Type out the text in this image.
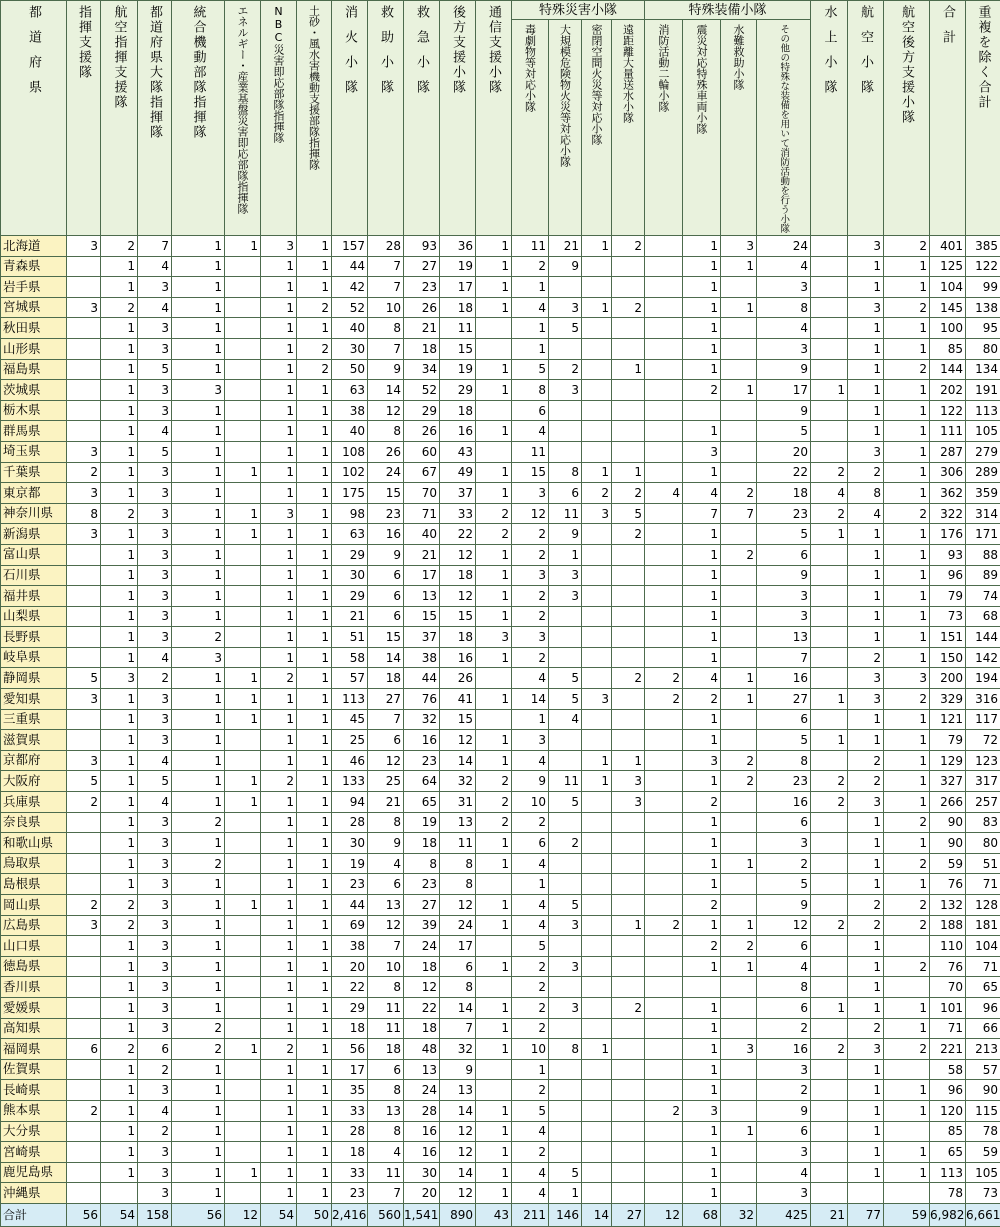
都道府県	指揮支援隊	航空指揮支援隊	都道府県大隊指揮隊	統合機動部隊指揮隊	エネルギー・産業基盤災害即応部隊指揮隊	NBC災害即応部隊指揮隊	土砂・風水害機動支援部隊指揮隊	消火小隊	救助小隊	救急小隊	後方支援小隊	通信支援小隊	特殊災害小隊				特殊装備小隊				水上小隊	航空小隊	航空後方支援小隊	合計	重複を除く合計
													毒劇物等対応小隊	大規模危険物火災等対応小隊	密閉空間火災等対応小隊	遠距離大量送水小隊	消防活動二輪小隊	震災対応特殊車両小隊	水難救助小隊	その他の特殊な装備を用いて消防活動を行う小隊					
北海道	3	2	7	1	1	3	1	157	28	93	36	1	11	21	1	2		1	3	24		3	2	401	385
青森県		1	4	1		1	1	44	7	27	19	1	2	9				1	1	4		1	1	125	122
岩手県		1	3	1		1	1	42	7	23	17	1	1					1		3		1	1	104	99
宮城県	3	2	4	1		1	2	52	10	26	18	1	4	3	1	2		1	1	8		3	2	145	138
秋田県		1	3	1		1	1	40	8	21	11		1	5				1		4		1	1	100	95
山形県		1	3	1		1	2	30	7	18	15		1					1		3		1	1	85	80
福島県		1	5	1		1	2	50	9	34	19	1	5	2		1		1		9		1	2	144	134
茨城県		1	3	3		1	1	63	14	52	29	1	8	3				2	1	17	1	1	1	202	191
栃木県		1	3	1		1	1	38	12	29	18		6							9		1	1	122	113
群馬県		1	4	1		1	1	40	8	26	16	1	4					1		5		1	1	111	105
埼玉県	3	1	5	1		1	1	108	26	60	43		11					3		20		3	1	287	279
千葉県	2	1	3	1	1	1	1	102	24	67	49	1	15	8	1	1		1		22	2	2	1	306	289
東京都	3	1	3	1		1	1	175	15	70	37	1	3	6	2	2	4	4	2	18	4	8	1	362	359
神奈川県	8	2	3	1	1	3	1	98	23	71	33	2	12	11	3	5		7	7	23	2	4	2	322	314
新潟県	3	1	3	1	1	1	1	63	16	40	22	2	2	9		2		1		5	1	1	1	176	171
富山県		1	3	1		1	1	29	9	21	12	1	2	1				1	2	6		1	1	93	88
石川県		1	3	1		1	1	30	6	17	18	1	3	3				1		9		1	1	96	89
福井県		1	3	1		1	1	29	6	13	12	1	2	3				1		3		1	1	79	74
山梨県		1	3	1		1	1	21	6	15	15	1	2					1		3		1	1	73	68
長野県		1	3	2		1	1	51	15	37	18	3	3					1		13		1	1	151	144
岐阜県		1	4	3		1	1	58	14	38	16	1	2					1		7		2	1	150	142
静岡県	5	3	2	1	1	2	1	57	18	44	26		4	5		2	2	4	1	16		3	3	200	194
愛知県	3	1	3	1	1	1	1	113	27	76	41	1	14	5	3		2	2	1	27	1	3	2	329	316
三重県		1	3	1	1	1	1	45	7	32	15		1	4				1		6		1	1	121	117
滋賀県		1	3	1		1	1	25	6	16	12	1	3					1		5	1	1	1	79	72
京都府	3	1	4	1		1	1	46	12	23	14	1	4		1	1		3	2	8		2	1	129	123
大阪府	5	1	5	1	1	2	1	133	25	64	32	2	9	11	1	3		1	2	23	2	2	1	327	317
兵庫県	2	1	4	1	1	1	1	94	21	65	31	2	10	5		3		2		16	2	3	1	266	257
奈良県		1	3	2		1	1	28	8	19	13	2	2					1		6		1	2	90	83
和歌山県		1	3	1		1	1	30	9	18	11	1	6	2				1		3		1	1	90	80
鳥取県		1	3	2		1	1	19	4	8	8	1	4					1	1	2		1	2	59	51
島根県		1	3	1		1	1	23	6	23	8		1					1		5		1	1	76	71
岡山県	2	2	3	1	1	1	1	44	13	27	12	1	4	5				2		9		2	2	132	128
広島県	3	2	3	1		1	1	69	12	39	24	1	4	3		1	2	1	1	12	2	2	2	188	181
山口県		1	3	1		1	1	38	7	24	17		5					2	2	6		1		110	104
徳島県		1	3	1		1	1	20	10	18	6	1	2	3				1	1	4		1	2	76	71
香川県		1	3	1		1	1	22	8	12	8		2							8		1		70	65
愛媛県		1	3	1		1	1	29	11	22	14	1	2	3		2		1		6	1	1	1	101	96
高知県		1	3	2		1	1	18	11	18	7	1	2					1		2		2	1	71	66
福岡県	6	2	6	2	1	2	1	56	18	48	32	1	10	8	1			1	3	16	2	3	2	221	213
佐賀県		1	2	1		1	1	17	6	13	9		1					1		3		1		58	57
長崎県		1	3	1		1	1	35	8	24	13		2					1		2		1	1	96	90
熊本県	2	1	4	1		1	1	33	13	28	14	1	5				2	3		9		1	1	120	115
大分県		1	2	1		1	1	28	8	16	12	1	4					1	1	6		1		85	78
宮崎県		1	3	1		1	1	18	4	16	12	1	2					1		3		1	1	65	59
鹿児島県		1	3	1	1	1	1	33	11	30	14	1	4	5				1		4		1	1	113	105
沖縄県			3	1		1	1	23	7	20	12	1	4	1				1		3				78	73
合計	56	54	158	56	12	54	50	2,416	560	1,541	890	43	211	146	14	27	12	68	32	425	21	77	59	6,982	6,661
